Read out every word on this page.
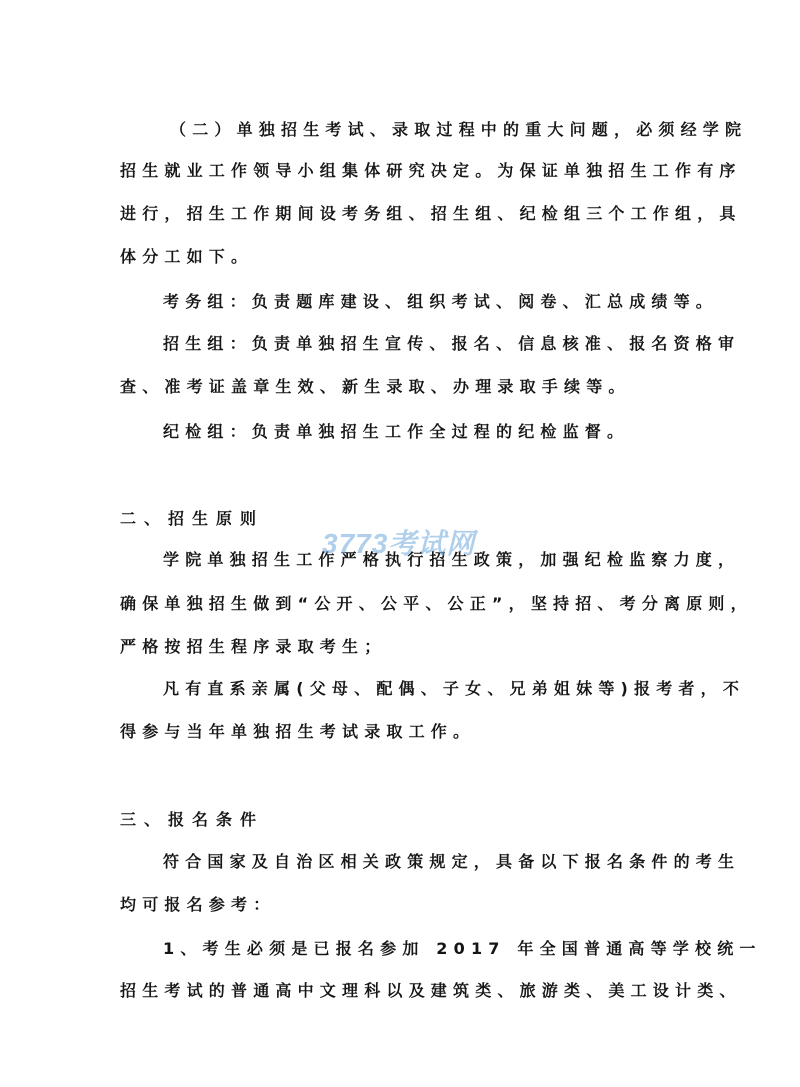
（二）单独招生考试、录取过程中的重大问题，必须经学院
招生就业工作领导小组集体研究决定。为保证单独招生工作有序
进行，招生工作期间设考务组、招生组、纪检组三个工作组，具
体分工如下。
考务组：负责题库建设、组织考试、阅卷、汇总成绩等。
招生组：负责单独招生宣传、报名、信息核准、报名资格审
查、准考证盖章生效、新生录取、办理录取手续等。
纪检组：负责单独招生工作全过程的纪检监督。
二、招生原则
学院单独招生工作严格执行招生政策，加强纪检监察力度，
确保单独招生做到“公开、公平、公正”，坚持招、考分离原则，
严格按招生程序录取考生；
凡有直系亲属(父母、配偶、子女、兄弟姐妹等)报考者，不
得参与当年单独招生考试录取工作。
三、报名条件
符合国家及自治区相关政策规定，具备以下报名条件的考生
均可报名参考：
1、考生必须是已报名参加 2017 年全国普通高等学校统一
招生考试的普通高中文理科以及建筑类、旅游类、美工设计类、
3773考试网
